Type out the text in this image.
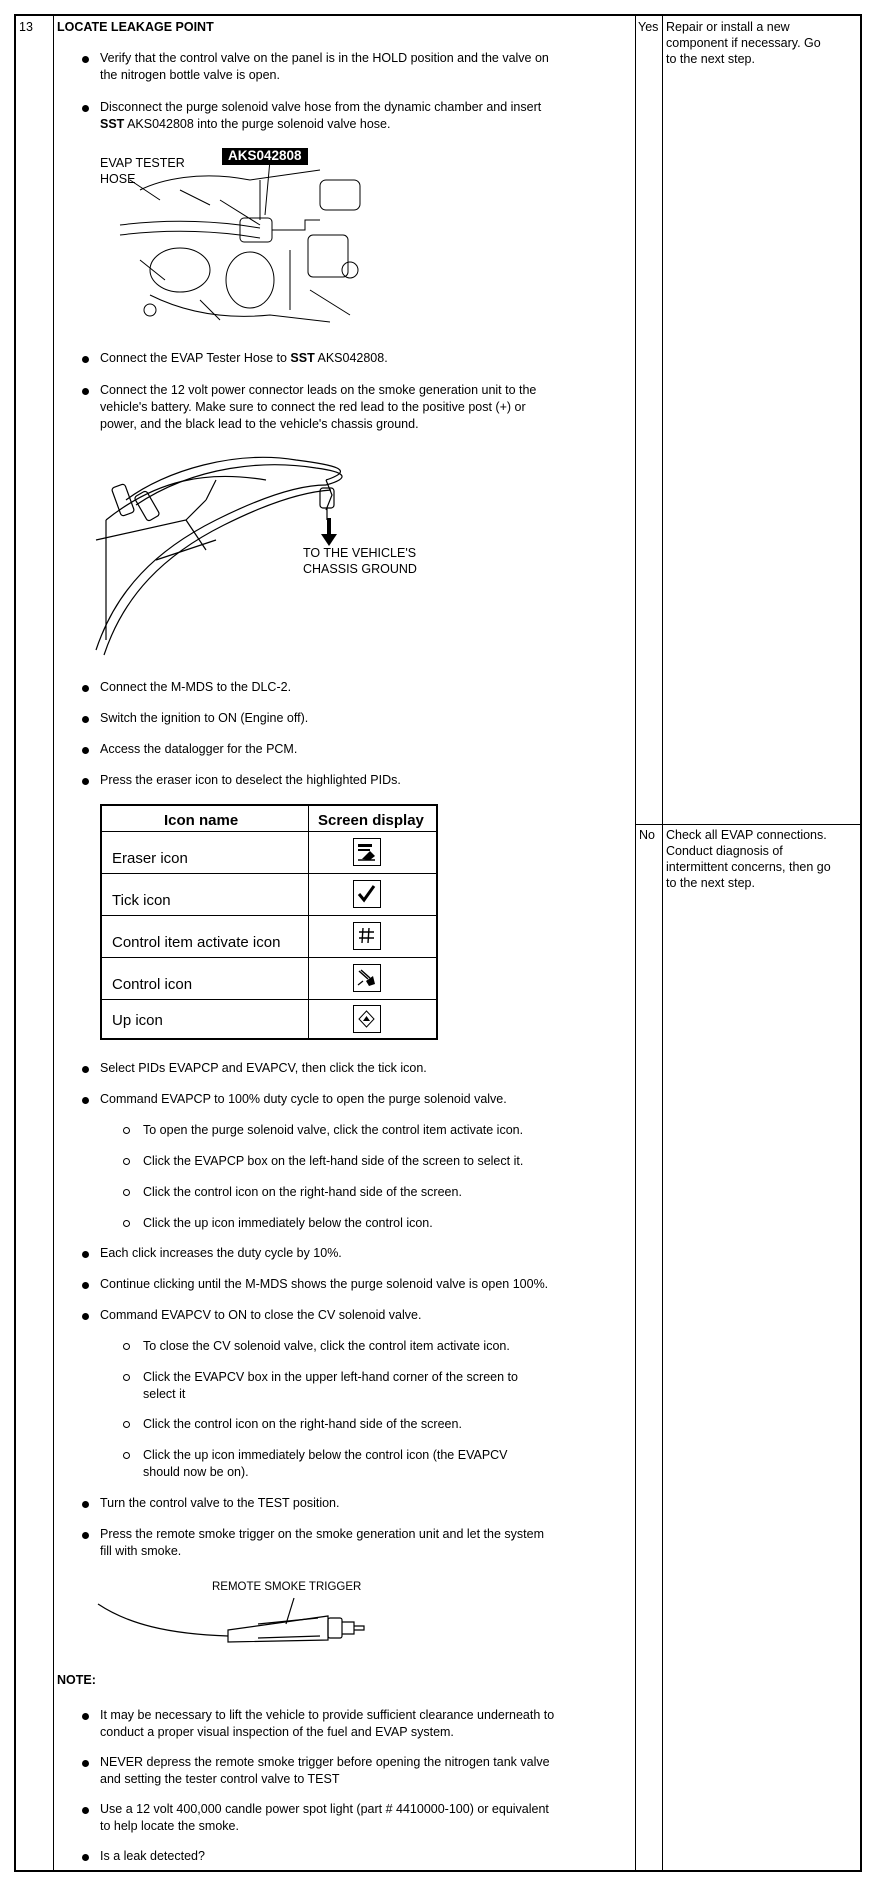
13 LOCATE LEAKAGE POINT
Verify that the control valve on the panel is in the HOLD position and the valve on
the nitrogen bottle valve is open.
Disconnect the purge solenoid valve hose from the dynamic chamber and insert
SST AKS042808 into the purge solenoid valve hose.
EVAP TESTER
HOSE
AKS042808
Connect the EVAP Tester Hose to SST AKS042808.
Connect the 12 volt power connector leads on the smoke generation unit to the
vehicle's battery. Make sure to connect the red lead to the positive post (+) or
power, and the black lead to the vehicle's chassis ground.
TO THE VEHICLE'S
CHASSIS GROUND
Connect the M-MDS to the DLC-2.
Switch the ignition to ON (Engine off).
Access the datalogger for the PCM.
Press the eraser icon to deselect the highlighted PIDs.
Icon name	Screen display
Eraser icon
Tick icon
Control item activate icon
Control icon
Up icon
Select PIDs EVAPCP and EVAPCV, then click the tick icon.
Command EVAPCP to 100% duty cycle to open the purge solenoid valve.
To open the purge solenoid valve, click the control item activate icon.
Click the EVAPCP box on the left-hand side of the screen to select it.
Click the control icon on the right-hand side of the screen.
Click the up icon immediately below the control icon.
Each click increases the duty cycle by 10%.
Continue clicking until the M-MDS shows the purge solenoid valve is open 100%.
Command EVAPCV to ON to close the CV solenoid valve.
To close the CV solenoid valve, click the control item activate icon.
Click the EVAPCV box in the upper left-hand corner of the screen to
select it
Click the control icon on the right-hand side of the screen.
Click the up icon immediately below the control icon (the EVAPCV
should now be on).
Turn the control valve to the TEST position.
Press the remote smoke trigger on the smoke generation unit and let the system
fill with smoke.
REMOTE SMOKE TRIGGER
NOTE:
It may be necessary to lift the vehicle to provide sufficient clearance underneath to
conduct a proper visual inspection of the fuel and EVAP system.
NEVER depress the remote smoke trigger before opening the nitrogen tank valve
and setting the tester control valve to TEST
Use a 12 volt 400,000 candle power spot light (part # 4410000-100) or equivalent
to help locate the smoke.
Is a leak detected?
Yes Repair or install a new
component if necessary. Go
to the next step.
No Check all EVAP connections.
Conduct diagnosis of
intermittent concerns, then go
to the next step.
